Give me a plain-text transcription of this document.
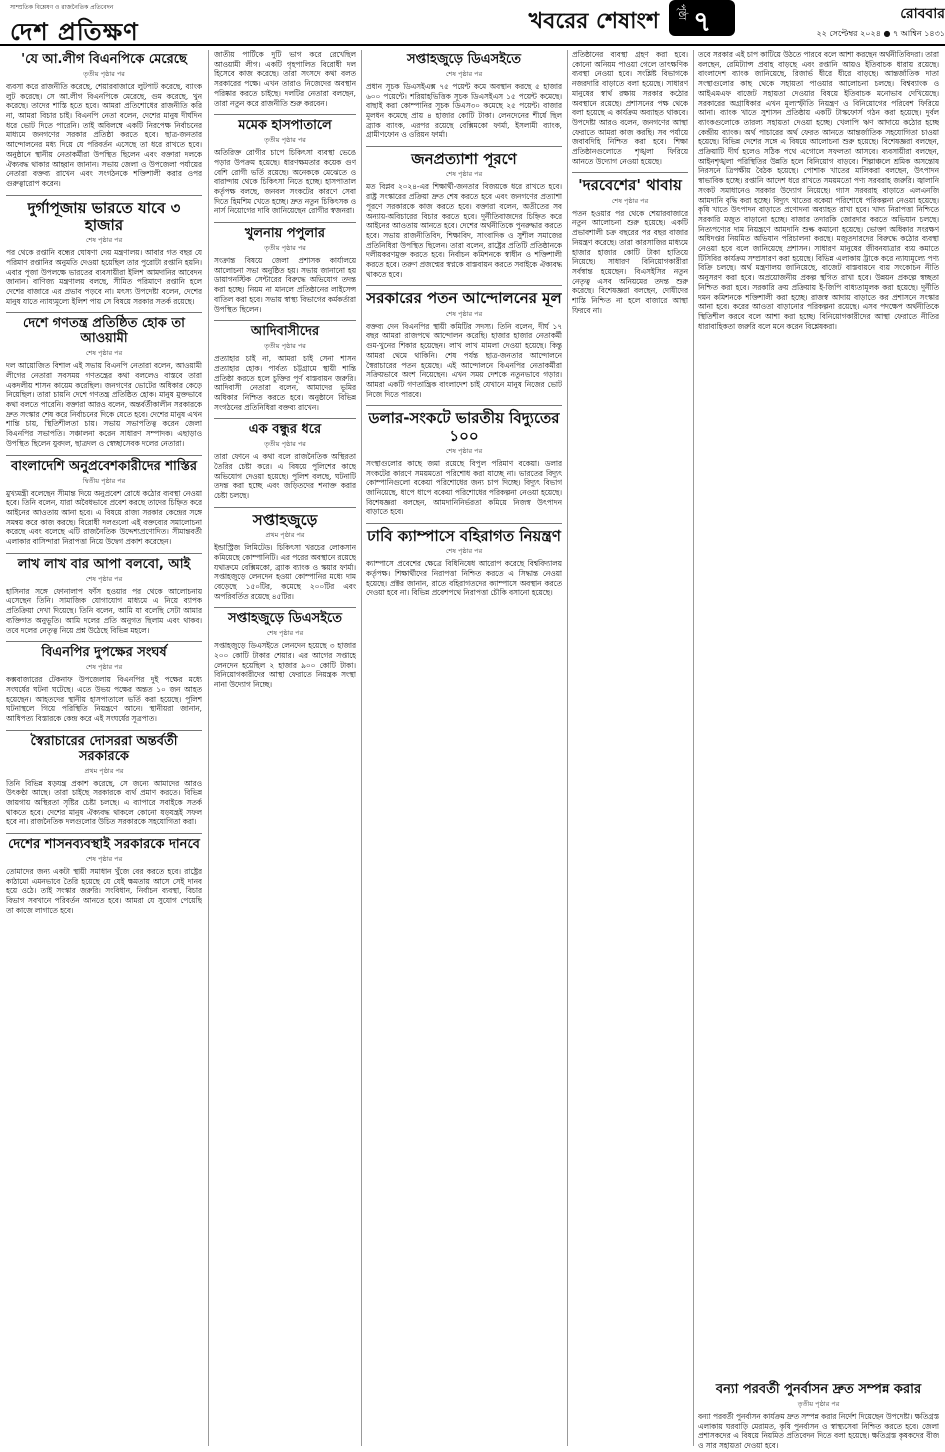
সাম্প্রতিক বিশ্লেষণ ও রাজনৈতিক প্রতিবেদন
দেশ প্রতিক্ষণ	খবরের শেষাংশ পৃষ্ঠা ৭	রোববার
২২ সেপ্টেম্বর ২০২৪ ● ৭ আশ্বিন ১৪৩১
'যে আ.লীগ বিএনপিকে মেরেছে
তৃতীয় পৃষ্ঠার পর
ব্যবসা করে রাজনীতি করেছে, শেয়ারবাজারে লুটপাট করেছে, ব্যাংক লুট করেছে। সে আ.লীগ বিএনপিকে মেরেছে, গুম করেছে, খুন করেছে। তাদের শাস্তি হতে হবে। আমরা প্রতিশোধের রাজনীতি করি না, আমরা বিচার চাই। বিএনপি নেতা বলেন, দেশের মানুষ দীর্ঘদিন ধরে ভোট দিতে পারেনি। তাই অবিলম্বে একটি নিরপেক্ষ নির্বাচনের মাধ্যমে জনগণের সরকার প্রতিষ্ঠা করতে হবে। ছাত্র-জনতার আন্দোলনের মধ্য দিয়ে যে পরিবর্তন এসেছে তা ধরে রাখতে হবে। অনুষ্ঠানে স্থানীয় নেতাকর্মীরা উপস্থিত ছিলেন এবং বক্তারা দলকে ঐক্যবদ্ধ থাকার আহ্বান জানান। সভায় জেলা ও উপজেলা পর্যায়ের নেতারা বক্তব্য রাখেন এবং সংগঠনকে শক্তিশালী করার ওপর গুরুত্বারোপ করেন।
দুর্গাপূজায় ভারতে যাবে ৩ হাজার
শেষ পৃষ্ঠার পর
পর থেকে রপ্তানি বন্ধের ঘোষণা দেয় মন্ত্রণালয়। আবার গত বছর যে পরিমাণ রপ্তানির অনুমতি দেওয়া হয়েছিল তার পুরোটা রপ্তানি হয়নি। এবার পূজা উপলক্ষে ভারতের ব্যবসায়ীরা ইলিশ আমদানির আবেদন জানান। বাণিজ্য মন্ত্রণালয় বলছে, সীমিত পরিমাণে রপ্তানি হলে দেশের বাজারে এর প্রভাব পড়বে না। মৎস্য উপদেষ্টা বলেন, দেশের মানুষ যাতে ন্যায্যমূল্যে ইলিশ পায় সে বিষয়ে সরকার সতর্ক রয়েছে।
দেশে গণতন্ত্র প্রতিষ্ঠিত হোক তা আওয়ামী
শেষ পৃষ্ঠার পর
দল আয়োজিত বিশাল এই সভায় বিএনপি নেতারা বলেন, আওয়ামী লীগের নেতারা সবসময় গণতন্ত্রের কথা বললেও বাস্তবে তারা একদলীয় শাসন কায়েম করেছিল। জনগণের ভোটের অধিকার কেড়ে নিয়েছিল। তারা চায়নি দেশে গণতন্ত্র প্রতিষ্ঠিত হোক। মানুষ মুক্তভাবে কথা বলতে পারেনি। বক্তারা আরও বলেন, অন্তর্বর্তীকালীন সরকারকে দ্রুত সংস্কার শেষ করে নির্বাচনের দিকে যেতে হবে। দেশের মানুষ এখন শান্তি চায়, স্থিতিশীলতা চায়। সভায় সভাপতিত্ব করেন জেলা বিএনপির সভাপতি। সঞ্চালনা করেন সাধারণ সম্পাদক। এছাড়াও উপস্থিত ছিলেন যুবদল, ছাত্রদল ও স্বেচ্ছাসেবক দলের নেতারা।
বাংলাদেশি অনুপ্রবেশকারীদের শাস্তির
দ্বিতীয় পৃষ্ঠার পর
মুখ্যমন্ত্রী বলেছেন সীমান্ত দিয়ে অনুপ্রবেশ রোধে কঠোর ব্যবস্থা নেওয়া হবে। তিনি বলেন, যারা অবৈধভাবে প্রবেশ করছে তাদের চিহ্নিত করে আইনের আওতায় আনা হবে। এ বিষয়ে রাজ্য সরকার কেন্দ্রের সঙ্গে সমন্বয় করে কাজ করছে। বিরোধী দলগুলো এই বক্তব্যের সমালোচনা করেছে এবং বলেছে এটি রাজনৈতিক উদ্দেশ্যপ্রণোদিত। সীমান্তবর্তী এলাকার বাসিন্দারা নিরাপত্তা নিয়ে উদ্বেগ প্রকাশ করেছেন।
লাখ লাখ বার আপা বলবো, আই
শেষ পৃষ্ঠার পর
হাসিনার সঙ্গে ফোনালাপ ফাঁস হওয়ার পর থেকে আলোচনায় এসেছেন তিনি। সামাজিক যোগাযোগ মাধ্যমে এ নিয়ে ব্যাপক প্রতিক্রিয়া দেখা দিয়েছে। তিনি বলেন, আমি যা বলেছি সেটা আমার ব্যক্তিগত অনুভূতি। আমি দলের প্রতি অনুগত ছিলাম এবং থাকব। তবে দলের নেতৃত্ব নিয়ে প্রশ্ন উঠেছে বিভিন্ন মহলে।
বিএনপির দুপক্ষের সংঘর্ষ
শেষ পৃষ্ঠার পর
কক্সবাজারের টেকনাফ উপজেলায় বিএনপির দুই পক্ষের মধ্যে সংঘর্ষের ঘটনা ঘটেছে। এতে উভয় পক্ষের অন্তত ১০ জন আহত হয়েছেন। আহতদের স্থানীয় হাসপাতালে ভর্তি করা হয়েছে। পুলিশ ঘটনাস্থলে গিয়ে পরিস্থিতি নিয়ন্ত্রণে আনে। স্থানীয়রা জানান, আধিপত্য বিস্তারকে কেন্দ্র করে এই সংঘর্ষের সূত্রপাত।
স্বৈরাচারের দোসররা অন্তর্বর্তী সরকারকে
প্রথম পৃষ্ঠার পর
তিনি বিভিন্ন ষড়যন্ত্র প্রকাশ করেছে, সে জন্যে আমাদের আরও উৎকণ্ঠা আছে। তারা চাইছে সরকারকে ব্যর্থ প্রমাণ করতে। বিভিন্ন জায়গায় অস্থিরতা সৃষ্টির চেষ্টা চলছে। এ ব্যাপারে সবাইকে সতর্ক থাকতে হবে। দেশের মানুষ ঐক্যবদ্ধ থাকলে কোনো ষড়যন্ত্রই সফল হবে না। রাজনৈতিক দলগুলোর উচিত সরকারকে সহযোগিতা করা।
দেশের শাসনব্যবস্থাই সরকারকে দানবে
শেষ পৃষ্ঠার পর
তোমাদের জন্য একটা স্থায়ী সমাধান খুঁজে বের করতে হবে। রাষ্ট্রের কাঠামো এমনভাবে তৈরি হয়েছে যে যেই ক্ষমতায় আসে সেই দানব হয়ে ওঠে। তাই সংস্কার জরুরি। সংবিধান, নির্বাচন ব্যবস্থা, বিচার বিভাগ সবখানে পরিবর্তন আনতে হবে। আমরা যে সুযোগ পেয়েছি তা কাজে লাগাতে হবে।
জাতীয় পার্টিকে দুটি ভাগ করে রেখেছিল আওয়ামী লীগ। একটি গৃহপালিত বিরোধী দল হিসেবে কাজ করেছে। তারা সংসদে কথা বলত সরকারের পক্ষে। এখন তারাও নিজেদের অবস্থান পরিষ্কার করতে চাইছে। দলটির নেতারা বলছেন, তারা নতুন করে রাজনীতি শুরু করবেন।
মমেক হাসপাতালে
তৃতীয় পৃষ্ঠার পর
অতিরিক্ত রোগীর চাপে চিকিৎসা ব্যবস্থা ভেঙে পড়ার উপক্রম হয়েছে। ধারণক্ষমতার কয়েক গুণ বেশি রোগী ভর্তি রয়েছে। অনেককে মেঝেতে ও বারান্দায় থেকে চিকিৎসা নিতে হচ্ছে। হাসপাতাল কর্তৃপক্ষ বলছে, জনবল সংকটের কারণে সেবা দিতে হিমশিম খেতে হচ্ছে। দ্রুত নতুন চিকিৎসক ও নার্স নিয়োগের দাবি জানিয়েছেন রোগীর স্বজনরা।
খুলনায় পপুলার
তৃতীয় পৃষ্ঠার পর
সংক্রান্ত বিষয়ে জেলা প্রশাসক কার্যালয়ে আলোচনা সভা অনুষ্ঠিত হয়। সভায় জানানো হয় ডায়াগনস্টিক সেন্টারের বিরুদ্ধে অভিযোগ তদন্ত করা হচ্ছে। নিয়ম না মানলে প্রতিষ্ঠানের লাইসেন্স বাতিল করা হবে। সভায় স্বাস্থ্য বিভাগের কর্মকর্তারা উপস্থিত ছিলেন।
আদিবাসীদের
তৃতীয় পৃষ্ঠার পর
প্রত্যাহার চাই না, আমরা চাই সেনা শাসন প্রত্যাহার হোক। পার্বত্য চট্টগ্রামে স্থায়ী শান্তি প্রতিষ্ঠা করতে হলে চুক্তির পূর্ণ বাস্তবায়ন জরুরি। আদিবাসী নেতারা বলেন, আমাদের ভূমির অধিকার নিশ্চিত করতে হবে। অনুষ্ঠানে বিভিন্ন সংগঠনের প্রতিনিধিরা বক্তব্য রাখেন।
এক বন্ধুর ধরে
তৃতীয় পৃষ্ঠার পর
তারা ফোনে এ কথা বলে রাজনৈতিক অস্থিরতা তৈরির চেষ্টা করে। এ বিষয়ে পুলিশের কাছে অভিযোগ দেওয়া হয়েছে। পুলিশ বলছে, ঘটনাটি তদন্ত করা হচ্ছে এবং জড়িতদের শনাক্ত করার চেষ্টা চলছে।
সপ্তাহজুড়ে
প্রথম পৃষ্ঠার পর
ইন্ডাস্ট্রিজ লিমিটেড। চিকিৎসা খরচের লোকসান কমিয়েছে কোম্পানিটি। এর পরের অবস্থানে রয়েছে যথাক্রমে বেক্সিমকো, ব্র্যাক ব্যাংক ও স্কয়ার ফার্মা। সপ্তাহজুড়ে লেনদেন হওয়া কোম্পানির মধ্যে দাম বেড়েছে ১৫০টির, কমেছে ২০০টির এবং অপরিবর্তিত রয়েছে ৪৫টির।
সপ্তাহজুড়ে ডিএসইতে
শেষ পৃষ্ঠার পর
সপ্তাহজুড়ে ডিএসইতে লেনদেন হয়েছে ৩ হাজার ২০০ কোটি টাকার শেয়ার। এর আগের সপ্তাহে লেনদেন হয়েছিল ২ হাজার ৯০০ কোটি টাকা। বিনিয়োগকারীদের আস্থা ফেরাতে নিয়ন্ত্রক সংস্থা নানা উদ্যোগ নিচ্ছে।
সপ্তাহজুড়ে ডিএসইতে
শেষ পৃষ্ঠার পর
প্রধান সূচক ডিএসইএক্স ৭৫ পয়েন্ট কমে অবস্থান করছে ৫ হাজার ৬০০ পয়েন্টে। শরিয়াহভিত্তিক সূচক ডিএসইএস ১৫ পয়েন্ট কমেছে। বাছাই করা কোম্পানির সূচক ডিএস৩০ কমেছে ২৫ পয়েন্ট। বাজার মূলধন কমেছে প্রায় ৪ হাজার কোটি টাকা। লেনদেনের শীর্ষে ছিল ব্র্যাক ব্যাংক, এরপর রয়েছে বেক্সিমকো ফার্মা, ইসলামী ব্যাংক, গ্রামীণফোন ও ওরিয়ন ফার্মা।
জনপ্রত্যাশা পূরণে
শেষ পৃষ্ঠার পর
মত বিপ্লব ২০২৪-এর শিক্ষার্থী-জনতার বিজয়কে ধরে রাখতে হবে। রাষ্ট্র সংস্কারের প্রক্রিয়া দ্রুত শেষ করতে হবে এবং জনগণের প্রত্যাশা পূরণে সরকারকে কাজ করতে হবে। বক্তারা বলেন, অতীতের সব অন্যায়-অবিচারের বিচার করতে হবে। দুর্নীতিবাজদের চিহ্নিত করে আইনের আওতায় আনতে হবে। দেশের অর্থনীতিকে পুনরুদ্ধার করতে হবে। সভায় রাজনীতিবিদ, শিক্ষাবিদ, সাংবাদিক ও সুশীল সমাজের প্রতিনিধিরা উপস্থিত ছিলেন। তারা বলেন, রাষ্ট্রের প্রতিটি প্রতিষ্ঠানকে দলীয়করণমুক্ত করতে হবে। নির্বাচন কমিশনকে স্বাধীন ও শক্তিশালী করতে হবে। তরুণ প্রজন্মের স্বপ্নকে বাস্তবায়ন করতে সবাইকে ঐক্যবদ্ধ থাকতে হবে।
সরকারের পতন আন্দোলনের মূল
শেষ পৃষ্ঠার পর
বক্তব্য দেন বিএনপির স্থায়ী কমিটির সদস্য। তিনি বলেন, দীর্ঘ ১৭ বছর আমরা রাজপথে আন্দোলন করেছি। হাজার হাজার নেতাকর্মী গুম-খুনের শিকার হয়েছেন। লাখ লাখ মামলা দেওয়া হয়েছে। কিন্তু আমরা থেমে থাকিনি। শেষ পর্যন্ত ছাত্র-জনতার আন্দোলনে স্বৈরাচারের পতন হয়েছে। এই আন্দোলনে বিএনপির নেতাকর্মীরা সক্রিয়ভাবে অংশ নিয়েছেন। এখন সময় দেশকে নতুনভাবে গড়ার। আমরা একটি গণতান্ত্রিক বাংলাদেশ চাই যেখানে মানুষ নিজের ভোট নিজে দিতে পারবে।
ডলার-সংকটে ভারতীয় বিদ্যুতের ১০০
শেষ পৃষ্ঠার পর
সংস্থাগুলোর কাছে জমা রয়েছে বিপুল পরিমাণ বকেয়া। ডলার সংকটের কারণে সময়মতো পরিশোধ করা যাচ্ছে না। ভারতের বিদ্যুৎ কোম্পানিগুলো বকেয়া পরিশোধের জন্য চাপ দিচ্ছে। বিদ্যুৎ বিভাগ জানিয়েছে, ধাপে ধাপে বকেয়া পরিশোধের পরিকল্পনা নেওয়া হয়েছে। বিশেষজ্ঞরা বলছেন, আমদানিনির্ভরতা কমিয়ে নিজস্ব উৎপাদন বাড়াতে হবে।
ঢাবি ক্যাম্পাসে বহিরাগত নিয়ন্ত্রণ
শেষ পৃষ্ঠার পর
ক্যাম্পাসে প্রবেশের ক্ষেত্রে বিধিনিষেধ আরোপ করেছে বিশ্ববিদ্যালয় কর্তৃপক্ষ। শিক্ষার্থীদের নিরাপত্তা নিশ্চিত করতে এ সিদ্ধান্ত নেওয়া হয়েছে। প্রক্টর জানান, রাতে বহিরাগতদের ক্যাম্পাসে অবস্থান করতে দেওয়া হবে না। বিভিন্ন প্রবেশপথে নিরাপত্তা চৌকি বসানো হয়েছে।
প্রতিষ্ঠানের ব্যবস্থা গ্রহণ করা হবে। কোনো অনিয়ম পাওয়া গেলে তাৎক্ষণিক ব্যবস্থা নেওয়া হবে। সংশ্লিষ্ট বিভাগকে নজরদারি বাড়াতে বলা হয়েছে। সাধারণ মানুষের স্বার্থ রক্ষায় সরকার কঠোর অবস্থানে রয়েছে। প্রশাসনের পক্ষ থেকে বলা হয়েছে এ কার্যক্রম অব্যাহত থাকবে। উপদেষ্টা আরও বলেন, জনগণের আস্থা ফেরাতে আমরা কাজ করছি। সব পর্যায়ে জবাবদিহি নিশ্চিত করা হবে। শিক্ষা প্রতিষ্ঠানগুলোতে শৃঙ্খলা ফিরিয়ে আনতে উদ্যোগ নেওয়া হয়েছে।
'দরবেশের' থাবায়
শেষ পৃষ্ঠার পর
পতন হওয়ার পর থেকে শেয়ারবাজারে নতুন আলোচনা শুরু হয়েছে। একটি প্রভাবশালী চক্র বছরের পর বছর বাজার নিয়ন্ত্রণ করেছে। তারা কারসাজির মাধ্যমে হাজার হাজার কোটি টাকা হাতিয়ে নিয়েছে। সাধারণ বিনিয়োগকারীরা সর্বস্বান্ত হয়েছেন। বিএসইসির নতুন নেতৃত্ব এসব অনিয়মের তদন্ত শুরু করেছে। বিশেষজ্ঞরা বলছেন, দোষীদের শাস্তি নিশ্চিত না হলে বাজারে আস্থা ফিরবে না।
তবে সরকার এই চাপ কাটিয়ে উঠতে পারবে বলে আশা করছেন অর্থনীতিবিদরা। তারা বলছেন, রেমিট্যান্স প্রবাহ বাড়ছে এবং রপ্তানি আয়ও ইতিবাচক ধারায় রয়েছে। বাংলাদেশ ব্যাংক জানিয়েছে, রিজার্ভ ধীরে ধীরে বাড়ছে। আন্তর্জাতিক দাতা সংস্থাগুলোর কাছ থেকে সহায়তা পাওয়ার আলোচনা চলছে। বিশ্বব্যাংক ও আইএমএফ বাজেট সহায়তা দেওয়ার বিষয়ে ইতিবাচক মনোভাব দেখিয়েছে। সরকারের অগ্রাধিকার এখন মূল্যস্ফীতি নিয়ন্ত্রণ ও বিনিয়োগের পরিবেশ ফিরিয়ে আনা। ব্যাংক খাতে সুশাসন প্রতিষ্ঠায় একটি টাস্কফোর্স গঠন করা হয়েছে। দুর্বল ব্যাংকগুলোকে তারল্য সহায়তা দেওয়া হচ্ছে। খেলাপি ঋণ আদায়ে কঠোর হচ্ছে কেন্দ্রীয় ব্যাংক। অর্থ পাচারের অর্থ ফেরত আনতে আন্তর্জাতিক সহযোগিতা চাওয়া হয়েছে। বিভিন্ন দেশের সঙ্গে এ বিষয়ে আলোচনা শুরু হয়েছে। বিশেষজ্ঞরা বলছেন, প্রক্রিয়াটি দীর্ঘ হলেও সঠিক পথে এগোলে সফলতা আসবে। ব্যবসায়ীরা বলছেন, আইনশৃঙ্খলা পরিস্থিতির উন্নতি হলে বিনিয়োগ বাড়বে। শিল্পাঞ্চলে শ্রমিক অসন্তোষ নিরসনে ত্রিপক্ষীয় বৈঠক হয়েছে। পোশাক খাতের মালিকরা বলছেন, উৎপাদন স্বাভাবিক হচ্ছে। রপ্তানি আদেশ ধরে রাখতে সময়মতো পণ্য সরবরাহ জরুরি। জ্বালানি সংকট সমাধানেও সরকার উদ্যোগ নিয়েছে। গ্যাস সরবরাহ বাড়াতে এলএনজি আমদানি বৃদ্ধি করা হচ্ছে। বিদ্যুৎ খাতের বকেয়া পরিশোধে পরিকল্পনা নেওয়া হয়েছে। কৃষি খাতে উৎপাদন বাড়াতে প্রণোদনা অব্যাহত রাখা হবে। খাদ্য নিরাপত্তা নিশ্চিতে সরকারি মজুত বাড়ানো হচ্ছে। বাজার তদারকি জোরদার করতে অভিযান চলছে। নিত্যপণ্যের দাম নিয়ন্ত্রণে আমদানি শুল্ক কমানো হয়েছে। ভোক্তা অধিকার সংরক্ষণ অধিদপ্তর নিয়মিত অভিযান পরিচালনা করছে। মজুতদারদের বিরুদ্ধে কঠোর ব্যবস্থা নেওয়া হবে বলে জানিয়েছে প্রশাসন। সাধারণ মানুষের জীবনযাত্রার ব্যয় কমাতে টিসিবির কার্যক্রম সম্প্রসারণ করা হয়েছে। বিভিন্ন এলাকায় ট্রাকে করে ন্যায্যমূল্যে পণ্য বিক্রি চলছে। অর্থ মন্ত্রণালয় জানিয়েছে, বাজেট বাস্তবায়নে ব্যয় সংকোচন নীতি অনুসরণ করা হবে। অপ্রয়োজনীয় প্রকল্প স্থগিত রাখা হবে। উন্নয়ন প্রকল্পে স্বচ্ছতা নিশ্চিত করা হবে। সরকারি ক্রয় প্রক্রিয়ায় ই-জিপি বাধ্যতামূলক করা হয়েছে। দুর্নীতি দমন কমিশনকে শক্তিশালী করা হচ্ছে। রাজস্ব আদায় বাড়াতে কর প্রশাসনে সংস্কার আনা হবে। করের আওতা বাড়ানোর পরিকল্পনা রয়েছে। এসব পদক্ষেপ অর্থনীতিকে স্থিতিশীল করবে বলে আশা করা হচ্ছে। বিনিয়োগকারীদের আস্থা ফেরাতে নীতির ধারাবাহিকতা জরুরি বলে মনে করেন বিশ্লেষকরা।
বন্যা পরবর্তী পুনর্বাসন দ্রুত সম্পন্ন করার
তৃতীয় পৃষ্ঠার পর
বন্যা পরবর্তী পুনর্বাসন কার্যক্রম দ্রুত সম্পন্ন করার নির্দেশ দিয়েছেন উপদেষ্টা। ক্ষতিগ্রস্ত এলাকায় ঘরবাড়ি মেরামত, কৃষি পুনর্বাসন ও স্বাস্থ্যসেবা নিশ্চিত করতে হবে। জেলা প্রশাসকদের এ বিষয়ে নিয়মিত প্রতিবেদন দিতে বলা হয়েছে। ক্ষতিগ্রস্ত কৃষকদের বীজ ও সার সহায়তা দেওয়া হবে।
